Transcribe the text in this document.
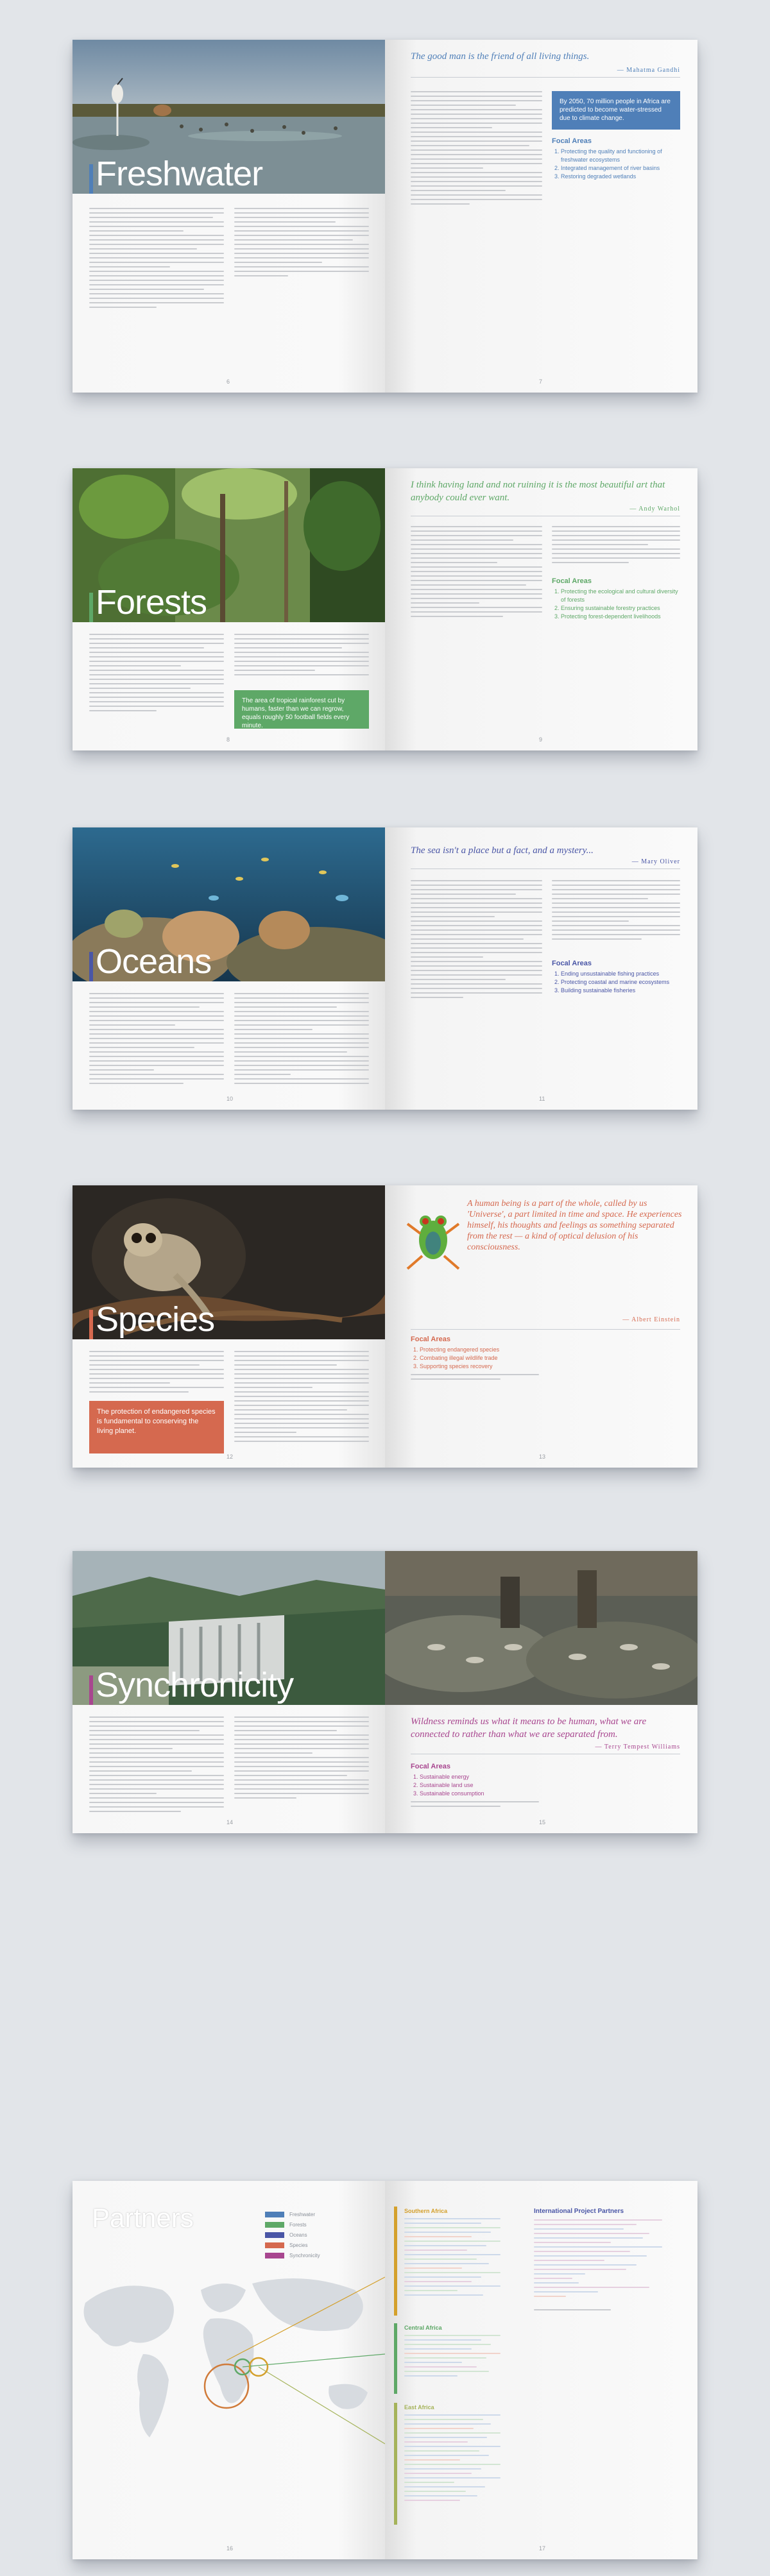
Freshwater
6
The good man is the friend of all living things.
— Mahatma Gandhi
By 2050, 70 million people in Africa are predicted to become water-stressed due to climate change.
Focal Areas
1. Protecting the quality and functioning of freshwater ecosystems
2. Integrated management of river basins
3. Restoring degraded wetlands
7
Forests
The area of tropical rainforest cut by humans, faster than we can regrow, equals roughly 50 football fields every minute.
8
I think having land and not ruining it is the most beautiful art that anybody could ever want.
— Andy Warhol
Focal Areas
1. Protecting the ecological and cultural diversity of forests
2. Ensuring sustainable forestry practices
3. Protecting forest-dependent livelihoods
9
Oceans
10
The sea isn't a place but a fact, and a mystery...
— Mary Oliver
Focal Areas
1. Ending unsustainable fishing practices
2. Protecting coastal and marine ecosystems
3. Building sustainable fisheries
11
Species
The protection of endangered species is fundamental to conserving the living planet.
12
A human being is a part of the whole, called by us 'Universe', a part limited in time and space. He experiences himself, his thoughts and feelings as something separated from the rest — a kind of optical delusion of his consciousness.
— Albert Einstein
Focal Areas
1. Protecting endangered species
2. Combating illegal wildlife trade
3. Supporting species recovery
13
Synchronicity
14
Wildness reminds us what it means to be human, what we are connected to rather than what we are separated from.
— Terry Tempest Williams
Focal Areas
1. Sustainable energy
2. Sustainable land use
3. Sustainable consumption
15
Partners	Freshwater
Forests
Oceans
Species
Synchronicity
16
Southern Africa
Central Africa
East Africa
International Project Partners
17
